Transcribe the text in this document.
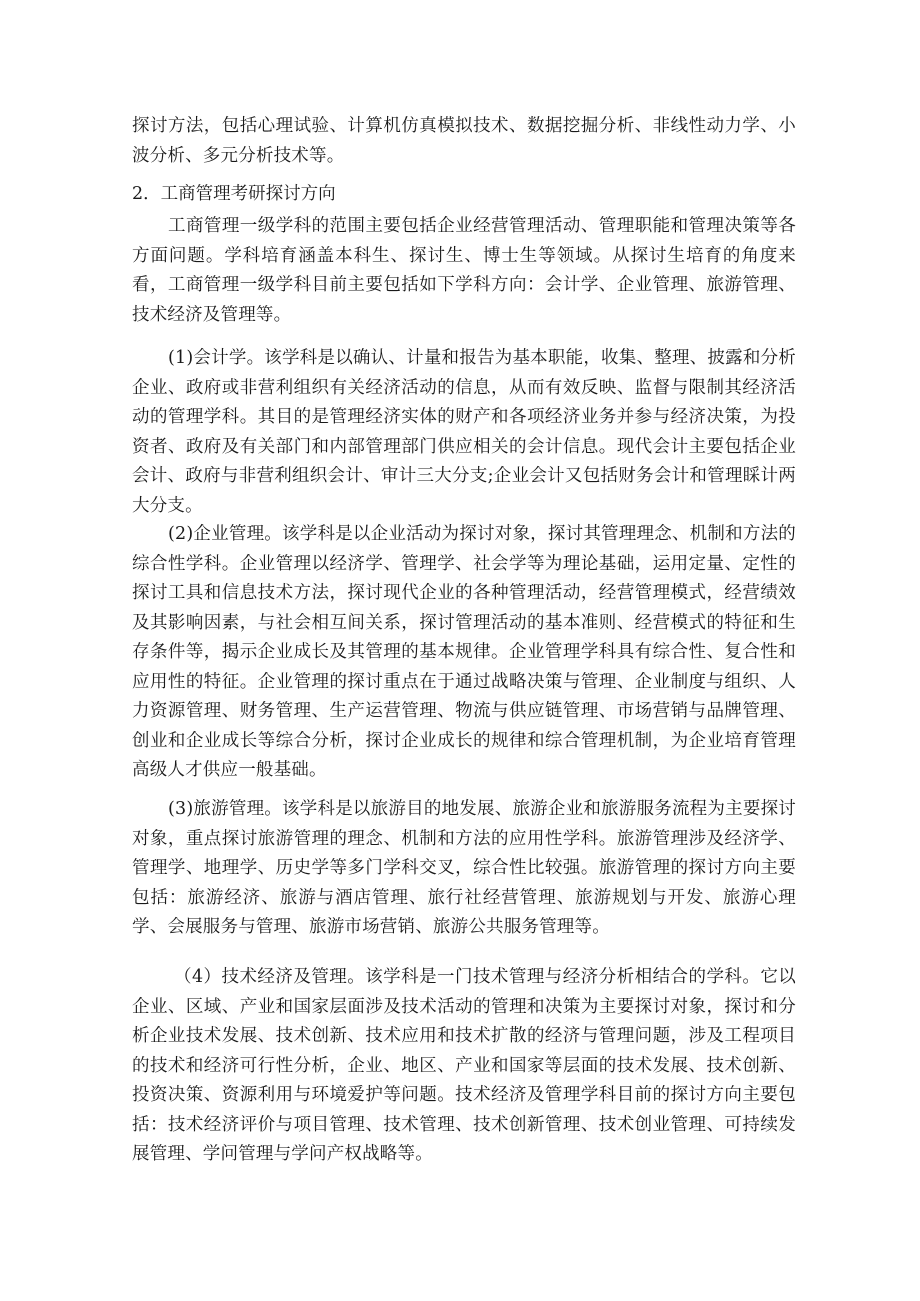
探讨方法，包括心理试验、计算机仿真模拟技术、数据挖掘分析、非线性动力学、小波分析、多元分析技术等。

2．工商管理考研探讨方向

工商管理一级学科的范围主要包括企业经营管理活动、管理职能和管理决策等各方面问题。学科培育涵盖本科生、探讨生、博士生等领域。从探讨生培育的角度来看，工商管理一级学科目前主要包括如下学科方向：会计学、企业管理、旅游管理、技术经济及管理等。

(1)会计学。该学科是以确认、计量和报告为基本职能，收集、整理、披露和分析企业、政府或非营利组织有关经济活动的信息，从而有效反映、监督与限制其经济活动的管理学科。其目的是管理经济实体的财产和各项经济业务并参与经济决策，为投资者、政府及有关部门和内部管理部门供应相关的会计信息。现代会计主要包括企业会计、政府与非营利组织会计、审计三大分支;企业会计又包括财务会计和管理睬计两大分支。

(2)企业管理。该学科是以企业活动为探讨对象，探讨其管理理念、机制和方法的综合性学科。企业管理以经济学、管理学、社会学等为理论基础，运用定量、定性的探讨工具和信息技术方法，探讨现代企业的各种管理活动，经营管理模式，经营绩效及其影响因素，与社会相互间关系，探讨管理活动的基本准则、经营模式的特征和生存条件等，揭示企业成长及其管理的基本规律。企业管理学科具有综合性、复合性和应用性的特征。企业管理的探讨重点在于通过战略决策与管理、企业制度与组织、人力资源管理、财务管理、生产运营管理、物流与供应链管理、市场营销与品牌管理、创业和企业成长等综合分析，探讨企业成长的规律和综合管理机制，为企业培育管理高级人才供应一般基础。

(3)旅游管理。该学科是以旅游目的地发展、旅游企业和旅游服务流程为主要探讨对象，重点探讨旅游管理的理念、机制和方法的应用性学科。旅游管理涉及经济学、管理学、地理学、历史学等多门学科交叉，综合性比较强。旅游管理的探讨方向主要包括：旅游经济、旅游与酒店管理、旅行社经营管理、旅游规划与开发、旅游心理学、会展服务与管理、旅游市场营销、旅游公共服务管理等。

（4）技术经济及管理。该学科是一门技术管理与经济分析相结合的学科。它以企业、区域、产业和国家层面涉及技术活动的管理和决策为主要探讨对象，探讨和分析企业技术发展、技术创新、技术应用和技术扩散的经济与管理问题，涉及工程项目的技术和经济可行性分析，企业、地区、产业和国家等层面的技术发展、技术创新、投资决策、资源利用与环境爱护等问题。技术经济及管理学科目前的探讨方向主要包括：技术经济评价与项目管理、技术管理、技术创新管理、技术创业管理、可持续发展管理、学问管理与学问产权战略等。
